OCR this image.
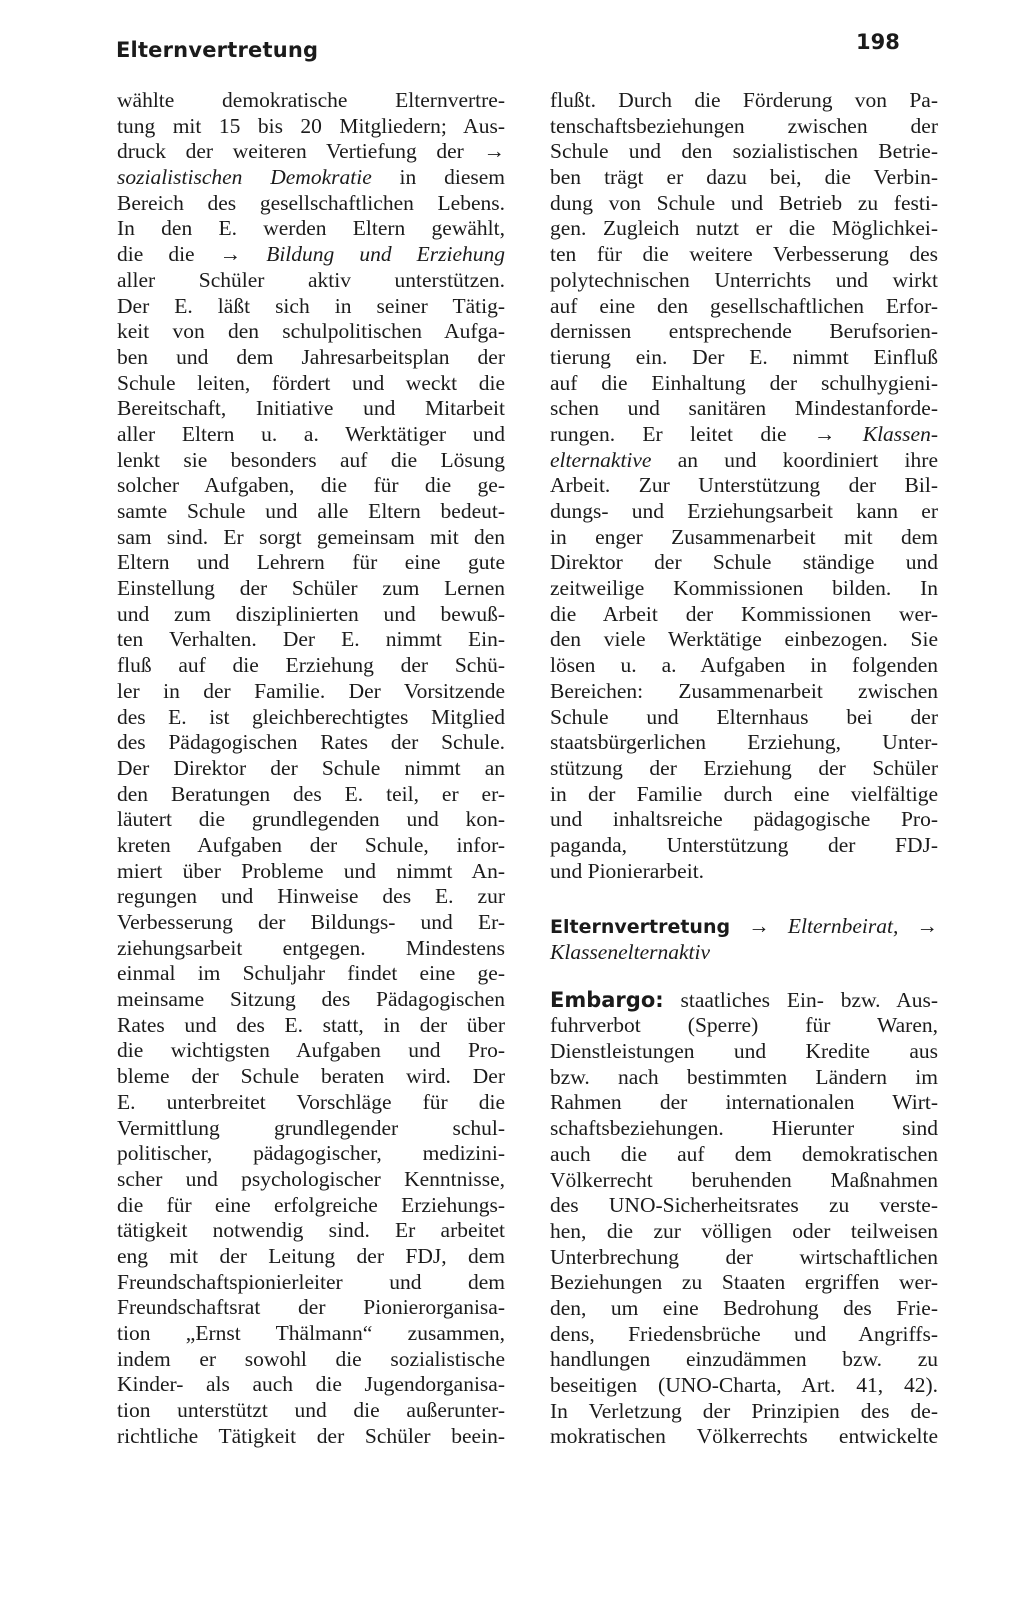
Elternvertretung	198
wählte demokratische Elternvertre-
tung mit 15 bis 20 Mitgliedern; Aus-
druck der weiteren Vertiefung der →
sozialistischen Demokratie in diesem
Bereich des gesellschaftlichen Lebens.
In den E. werden Eltern gewählt,
die die → Bildung und Erziehung
aller Schüler aktiv unterstützen.
Der E. läßt sich in seiner Tätig-
keit von den schulpolitischen Aufga-
ben und dem Jahresarbeitsplan der
Schule leiten, fördert und weckt die
Bereitschaft, Initiative und Mitarbeit
aller Eltern u. a. Werktätiger und
lenkt sie besonders auf die Lösung
solcher Aufgaben, die für die ge-
samte Schule und alle Eltern bedeut-
sam sind. Er sorgt gemeinsam mit den
Eltern und Lehrern für eine gute
Einstellung der Schüler zum Lernen
und zum disziplinierten und bewuß-
ten Verhalten. Der E. nimmt Ein-
fluß auf die Erziehung der Schü-
ler in der Familie. Der Vorsitzende
des E. ist gleichberechtigtes Mitglied
des Pädagogischen Rates der Schule.
Der Direktor der Schule nimmt an
den Beratungen des E. teil, er er-
läutert die grundlegenden und kon-
kreten Aufgaben der Schule, infor-
miert über Probleme und nimmt An-
regungen und Hinweise des E. zur
Verbesserung der Bildungs- und Er-
ziehungsarbeit entgegen. Mindestens
einmal im Schuljahr findet eine ge-
meinsame Sitzung des Pädagogischen
Rates und des E. statt, in der über
die wichtigsten Aufgaben und Pro-
bleme der Schule beraten wird. Der
E. unterbreitet Vorschläge für die
Vermittlung grundlegender schul-
politischer, pädagogischer, medizini-
scher und psychologischer Kenntnisse,
die für eine erfolgreiche Erziehungs-
tätigkeit notwendig sind. Er arbeitet
eng mit der Leitung der FDJ, dem
Freundschaftspionierleiter und dem
Freundschaftsrat der Pionierorganisa-
tion „Ernst Thälmann“ zusammen,
indem er sowohl die sozialistische
Kinder- als auch die Jugendorganisa-
tion unterstützt und die außerunter-
richtliche Tätigkeit der Schüler beein-
flußt. Durch die Förderung von Pa-
tenschaftsbeziehungen zwischen der
Schule und den sozialistischen Betrie-
ben trägt er dazu bei, die Verbin-
dung von Schule und Betrieb zu festi-
gen. Zugleich nutzt er die Möglichkei-
ten für die weitere Verbesserung des
polytechnischen Unterrichts und wirkt
auf eine den gesellschaftlichen Erfor-
dernissen entsprechende Berufsorien-
tierung ein. Der E. nimmt Einfluß
auf die Einhaltung der schulhygieni-
schen und sanitären Mindestanforde-
rungen. Er leitet die → Klassen-
elternaktive an und koordiniert ihre
Arbeit. Zur Unterstützung der Bil-
dungs- und Erziehungsarbeit kann er
in enger Zusammenarbeit mit dem
Direktor der Schule ständige und
zeitweilige Kommissionen bilden. In
die Arbeit der Kommissionen wer-
den viele Werktätige einbezogen. Sie
lösen u. a. Aufgaben in folgenden
Bereichen: Zusammenarbeit zwischen
Schule und Elternhaus bei der
staatsbürgerlichen Erziehung, Unter-
stützung der Erziehung der Schüler
in der Familie durch eine vielfältige
und inhaltsreiche pädagogische Pro-
paganda, Unterstützung der FDJ-
und Pionierarbeit.
Elternvertretung → Elternbeirat, →
Klassenelternaktiv
Embargo: staatliches Ein- bzw. Aus-
fuhrverbot (Sperre) für Waren,
Dienstleistungen und Kredite aus
bzw. nach bestimmten Ländern im
Rahmen der internationalen Wirt-
schaftsbeziehungen. Hierunter sind
auch die auf dem demokratischen
Völkerrecht beruhenden Maßnahmen
des UNO-Sicherheitsrates zu verste-
hen, die zur völligen oder teilweisen
Unterbrechung der wirtschaftlichen
Beziehungen zu Staaten ergriffen wer-
den, um eine Bedrohung des Frie-
dens, Friedensbrüche und Angriffs-
handlungen einzudämmen bzw. zu
beseitigen (UNO-Charta, Art. 41, 42).
In Verletzung der Prinzipien des de-
mokratischen Völkerrechts entwickelte
